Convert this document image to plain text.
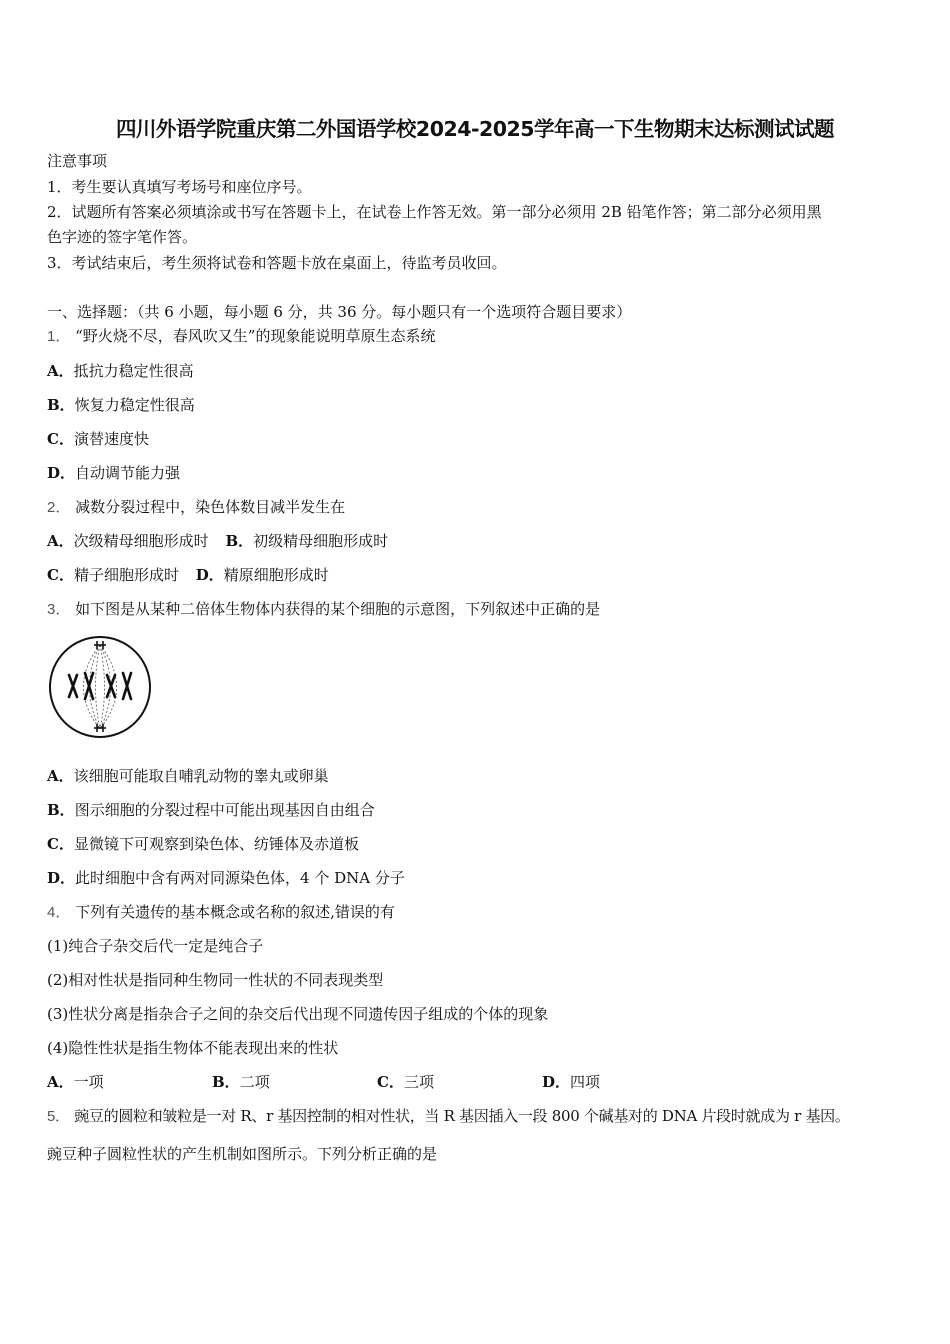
四川外语学院重庆第二外国语学校2024-2025学年高一下生物期末达标测试试题
注意事项
1．考生要认真填写考场号和座位序号。
2．试题所有答案必须填涂或书写在答题卡上，在试卷上作答无效。第一部分必须用 2B 铅笔作答；第二部分必须用黑
色字迹的签字笔作答。
3．考试结束后，考生须将试卷和答题卡放在桌面上，待监考员收回。
一、选择题：（共 6 小题，每小题 6 分，共 36 分。每小题只有一个选项符合题目要求）
1． “野火烧不尽，春风吹又生”的现象能说明草原生态系统
A．抵抗力稳定性很高
B．恢复力稳定性很高
C．演替速度快
D．自动调节能力强
2． 减数分裂过程中，染色体数目减半发生在
A．次级精母细胞形成时 B．初级精母细胞形成时
C．精子细胞形成时 D．精原细胞形成时
3． 如下图是从某种二倍体生物体内获得的某个细胞的示意图，下列叙述中正确的是
A．该细胞可能取自哺乳动物的睾丸或卵巢
B．图示细胞的分裂过程中可能出现基因自由组合
C．显微镜下可观察到染色体、纺锤体及赤道板
D．此时细胞中含有两对同源染色体，4 个 DNA 分子
4． 下列有关遗传的基本概念或名称的叙述,错误的有
(1)纯合子杂交后代一定是纯合子
(2)相对性状是指同种生物同一性状的不同表现类型
(3)性状分离是指杂合子之间的杂交后代出现不同遗传因子组成的个体的现象
(4)隐性性状是指生物体不能表现出来的性状
A．一项	B．二项	C．三项	D．四项
5． 豌豆的圆粒和皱粒是一对 R、r 基因控制的相对性状，当 R 基因插入一段 800 个碱基对的 DNA 片段时就成为 r 基因。
豌豆种子圆粒性状的产生机制如图所示。下列分析正确的是
